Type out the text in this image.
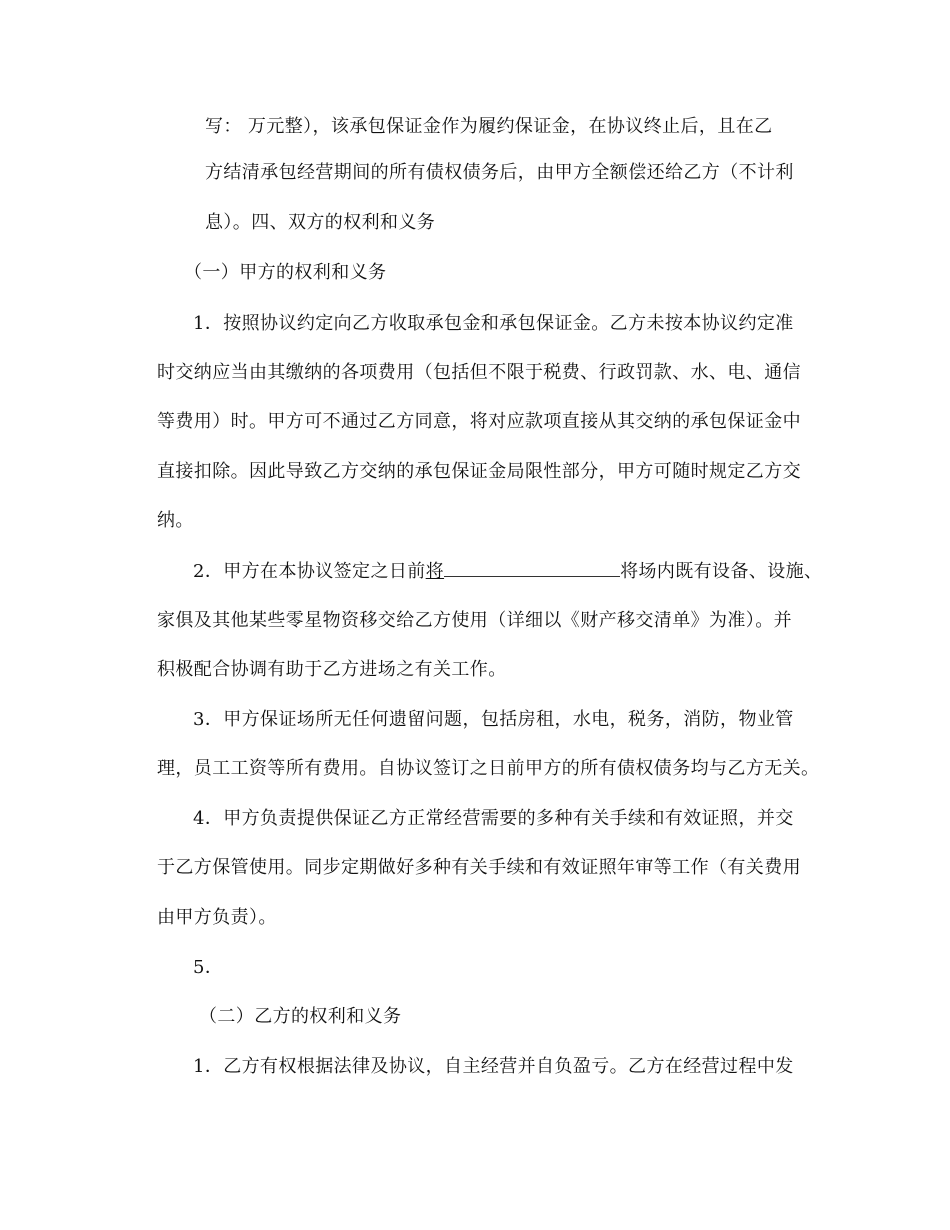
写： 万元整），该承包保证金作为履约保证金，在协议终止后，且在乙
方结清承包经营期间的所有债权债务后，由甲方全额偿还给乙方（不计利
息）。四、双方的权利和义务
（一）甲方的权利和义务
1．按照协议约定向乙方收取承包金和承包保证金。乙方未按本协议约定准
时交纳应当由其缴纳的各项费用（包括但不限于税费、行政罚款、水、电、通信
等费用）时。甲方可不通过乙方同意，将对应款项直接从其交纳的承包保证金中
直接扣除。因此导致乙方交纳的承包保证金局限性部分，甲方可随时规定乙方交
纳。
2．甲方在本协议签定之日前将	将场内既有设备、设施、
家俱及其他某些零星物资移交给乙方使用（详细以《财产移交清单》为准）。并
积极配合协调有助于乙方进场之有关工作。
3．甲方保证场所无任何遗留问题，包括房租，水电，税务，消防，物业管
理，员工工资等所有费用。自协议签订之日前甲方的所有债权债务均与乙方无关。
4．甲方负责提供保证乙方正常经营需要的多种有关手续和有效证照，并交
于乙方保管使用。同步定期做好多种有关手续和有效证照年审等工作（有关费用
由甲方负责）。
5．
（二）乙方的权利和义务
1．乙方有权根据法律及协议，自主经营并自负盈亏。乙方在经营过程中发
